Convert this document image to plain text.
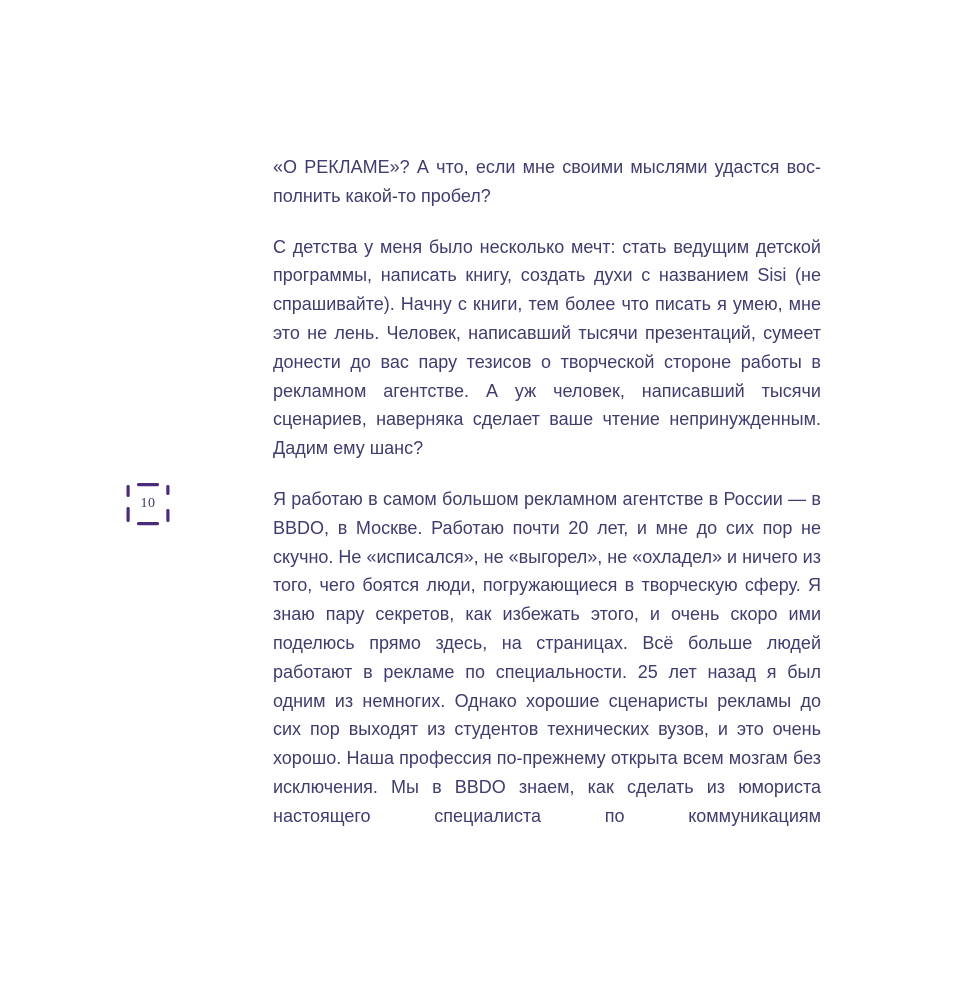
10

«О РЕКЛАМЕ»? А что, если мне своими мыслями удастся восполнить какой-то пробел?

С детства у меня было несколько мечт: стать ведущим детской программы, написать книгу, создать духи с названием Sisi (не спрашивайте). Начну с книги, тем более что писать я умею, мне это не лень. Человек, написавший тысячи презентаций, сумеет донести до вас пару тезисов о творческой стороне работы в рекламном агентстве. А уж человек, написавший тысячи сценариев, наверняка сделает ваше чтение непринужденным. Дадим ему шанс?

Я работаю в самом большом рекламном агентстве в России — в BBDO, в Москве. Работаю почти 20 лет, и мне до сих пор не скучно. Не «исписался», не «выгорел», не «охладел» и ничего из того, чего боятся люди, погружающиеся в творческую сферу. Я знаю пару секретов, как избежать этого, и очень скоро ими поделюсь прямо здесь, на страницах. Всё больше людей работают в рекламе по специальности. 25 лет назад я был одним из немногих. Однако хорошие сценаристы рекламы до сих пор выходят из студентов технических вузов, и это очень хорошо. Наша профессия по-прежнему открыта всем мозгам без исключения. Мы в BBDO знаем, как сделать из юмориста настоящего специалиста по коммуникациям
